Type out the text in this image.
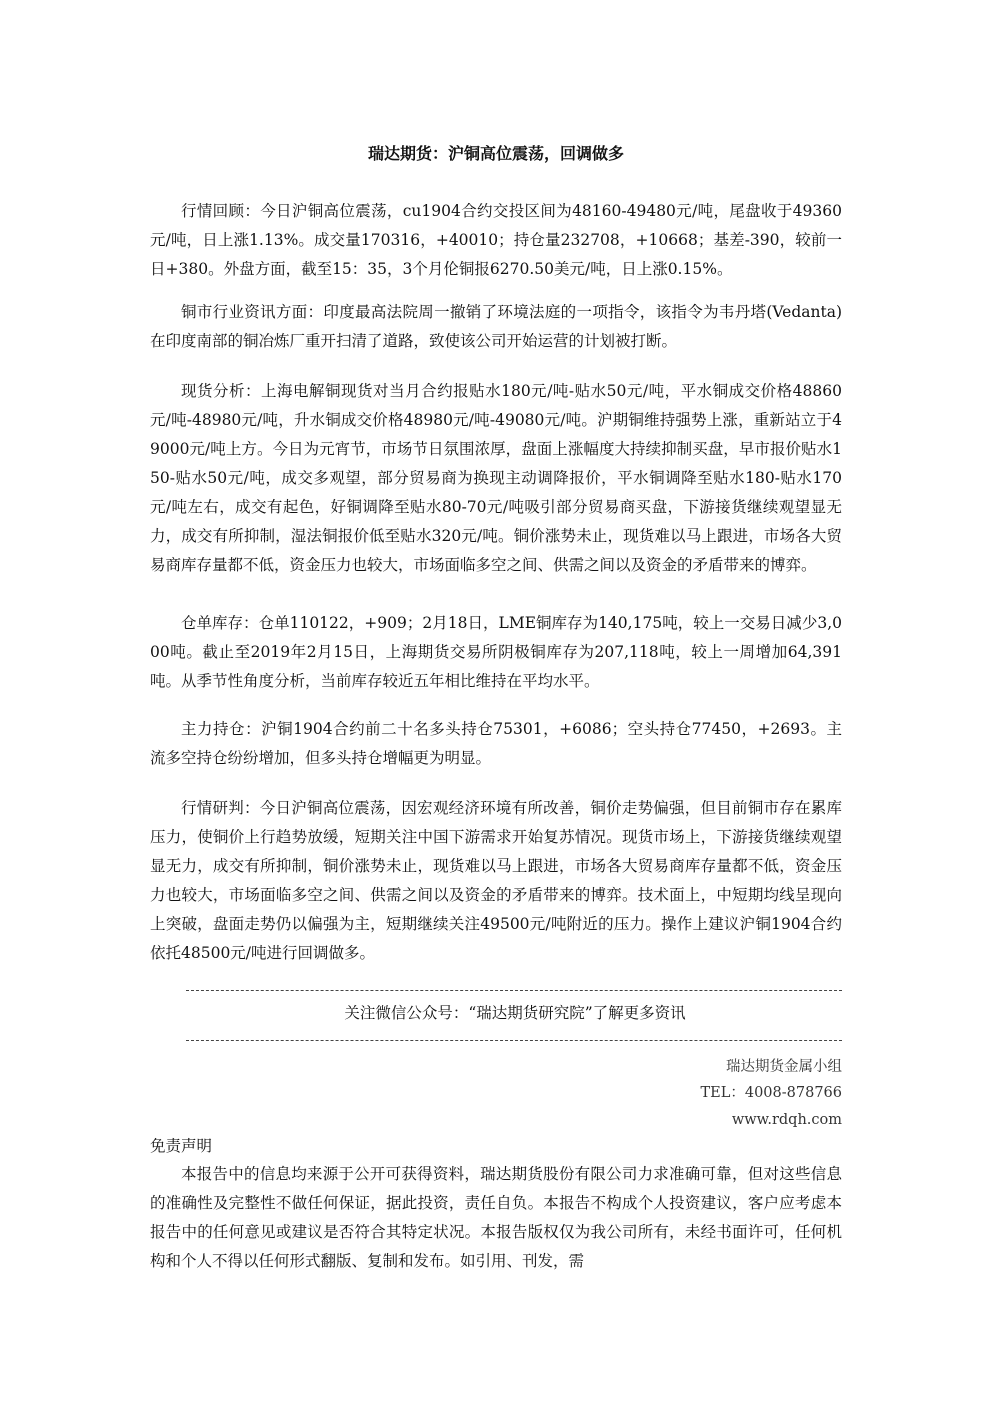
瑞达期货：沪铜高位震荡，回调做多

行情回顾：今日沪铜高位震荡，cu1904合约交投区间为48160-49480元/吨，尾盘收于49360元/吨，日上涨1.13%。成交量170316，+40010；持仓量232708，+10668；基差-390，较前一日+380。外盘方面，截至15：35，3个月伦铜报6270.50美元/吨，日上涨0.15%。

铜市行业资讯方面：印度最高法院周一撤销了环境法庭的一项指令，该指令为韦丹塔(Vedanta)在印度南部的铜冶炼厂重开扫清了道路，致使该公司开始运营的计划被打断。

现货分析：上海电解铜现货对当月合约报贴水180元/吨-贴水50元/吨，平水铜成交价格48860元/吨-48980元/吨，升水铜成交价格48980元/吨-49080元/吨。沪期铜维持强势上涨，重新站立于49000元/吨上方。今日为元宵节，市场节日氛围浓厚，盘面上涨幅度大持续抑制买盘，早市报价贴水150-贴水50元/吨，成交多观望，部分贸易商为换现主动调降报价，平水铜调降至贴水180-贴水170元/吨左右，成交有起色，好铜调降至贴水80-70元/吨吸引部分贸易商买盘，下游接货继续观望显无力，成交有所抑制，湿法铜报价低至贴水320元/吨。铜价涨势未止，现货难以马上跟进，市场各大贸易商库存量都不低，资金压力也较大，市场面临多空之间、供需之间以及资金的矛盾带来的博弈。

仓单库存：仓单110122，+909；2月18日，LME铜库存为140,175吨，较上一交易日减少3,000吨。截止至2019年2月15日，上海期货交易所阴极铜库存为207,118吨，较上一周增加64,391吨。从季节性角度分析，当前库存较近五年相比维持在平均水平。

主力持仓：沪铜1904合约前二十名多头持仓75301，+6086；空头持仓77450，+2693。主流多空持仓纷纷增加，但多头持仓增幅更为明显。

行情研判：今日沪铜高位震荡，因宏观经济环境有所改善，铜价走势偏强，但目前铜市存在累库压力，使铜价上行趋势放缓，短期关注中国下游需求开始复苏情况。现货市场上，下游接货继续观望显无力，成交有所抑制，铜价涨势未止，现货难以马上跟进，市场各大贸易商库存量都不低，资金压力也较大，市场面临多空之间、供需之间以及资金的矛盾带来的博弈。技术面上，中短期均线呈现向上突破，盘面走势仍以偏强为主，短期继续关注49500元/吨附近的压力。操作上建议沪铜1904合约依托48500元/吨进行回调做多。

关注微信公众号：“瑞达期货研究院”了解更多资讯
瑞达期货金属小组
TEL：4008-878766
www.rdqh.com
免责声明

本报告中的信息均来源于公开可获得资料，瑞达期货股份有限公司力求准确可靠，但对这些信息的准确性及完整性不做任何保证，据此投资，责任自负。本报告不构成个人投资建议，客户应考虑本报告中的任何意见或建议是否符合其特定状况。本报告版权仅为我公司所有，未经书面许可，任何机构和个人不得以任何形式翻版、复制和发布。如引用、刊发，需
